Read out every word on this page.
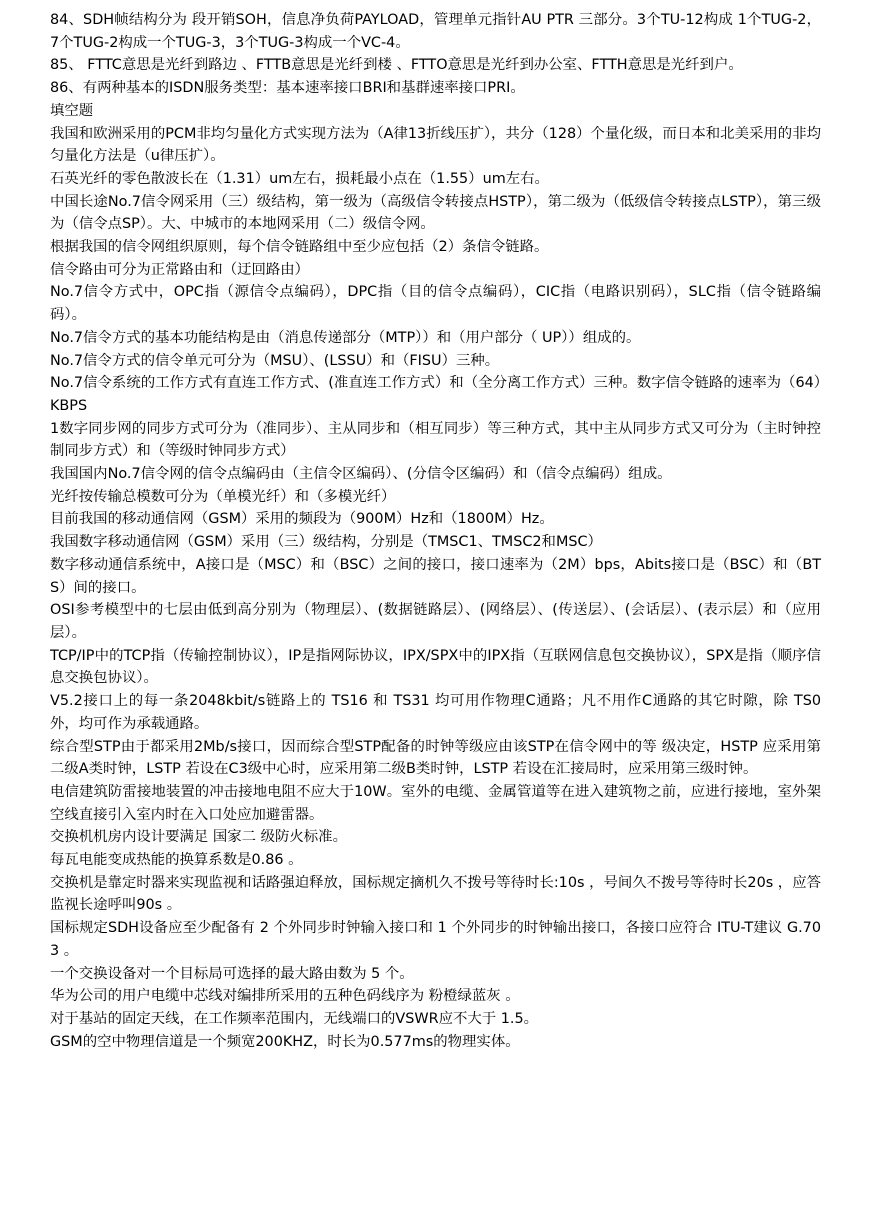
84、SDH帧结构分为 段开销SOH，信息净负荷PAYLOAD，管理单元指针AU PTR 三部分。3个TU-12构成 1个TUG-2， 7个TUG-2构成一个TUG-3，3个TUG-3构成一个VC-4。

85、 FTTC意思是光纤到路边 、FTTB意思是光纤到楼 、FTTO意思是光纤到办公室、FTTH意思是光纤到户。

86、有两种基本的ISDN服务类型：基本速率接口BRI和基群速率接口PRI。

填空题

我国和欧洲采用的PCM非均匀量化方式实现方法为（A律13折线压扩），共分（128）个量化级，而日本和北美采用的非均匀量化方法是（u律压扩）。

石英光纤的零色散波长在（1.31）um左右，损耗最小点在（1.55）um左右。

中国长途No.7信令网采用（三）级结构，第一级为（高级信令转接点HSTP），第二级为（低级信令转接点LSTP），第三级为（信令点SP）。大、中城市的本地网采用（二）级信令网。

根据我国的信令网组织原则，每个信令链路组中至少应包括（2）条信令链路。

信令路由可分为正常路由和（迂回路由）

No.7信令方式中，OPC指（源信令点编码），DPC指（目的信令点编码），CIC指（电路识别码），SLC指（信令链路编码）。

No.7信令方式的基本功能结构是由（消息传递部分（MTP））和（用户部分（ UP））组成的。

No.7信令方式的信令单元可分为（MSU）、(LSSU）和（FISU）三种。

No.7信令系统的工作方式有直连工作方式、(准直连工作方式）和（全分离工作方式）三种。数字信令链路的速率为（64）KBPS

1数字同步网的同步方式可分为（准同步）、主从同步和（相互同步）等三种方式，其中主从同步方式又可分为（主时钟控制同步方式）和（等级时钟同步方式）

我国国内No.7信令网的信令点编码由（主信令区编码）、(分信令区编码）和（信令点编码）组成。

光纤按传输总模数可分为（单模光纤）和（多模光纤）

目前我国的移动通信网（GSM）采用的频段为（900M）Hz和（1800M）Hz。

我国数字移动通信网（GSM）采用（三）级结构，分别是（TMSC1、TMSC2和MSC）

数字移动通信系统中，A接口是（MSC）和（BSC）之间的接口，接口速率为（2M）bps，Abits接口是（BSC）和（BTS）间的接口。

OSI参考模型中的七层由低到高分别为（物理层）、(数据链路层）、(网络层）、(传送层）、(会话层）、(表示层）和（应用层）。

TCP/IP中的TCP指（传输控制协议），IP是指网际协议，IPX/SPX中的IPX指（互联网信息包交换协议），SPX是指（顺序信息交换包协议）。

V5.2接口上的每一条2048kbit/s链路上的 TS16 和 TS31 均可用作物理C通路；凡不用作C通路的其它时隙，除 TS0 外，均可作为承载通路。

综合型STP由于都采用2Mb/s接口，因而综合型STP配备的时钟等级应由该STP在信令网中的等 级决定，HSTP 应采用第二级A类时钟，LSTP 若设在C3级中心时，应采用第二级B类时钟，LSTP 若设在汇接局时，应采用第三级时钟。

电信建筑防雷接地装置的冲击接地电阻不应大于10W。室外的电缆、金属管道等在进入建筑物之前，应进行接地，室外架空线直接引入室内时在入口处应加避雷器。

交换机机房内设计要满足 国家二 级防火标准。

每瓦电能变成热能的换算系数是0.86 。

交换机是靠定时器来实现监视和话路强迫释放，国标规定摘机久不拨号等待时长:10s ，号间久不拨号等待时长20s ，应答监视长途呼叫90s 。

国标规定SDH设备应至少配备有 2 个外同步时钟输入接口和 1 个外同步的时钟输出接口，各接口应符合 ITU-T建议 G.703 。

一个交换设备对一个目标局可选择的最大路由数为 5 个。

华为公司的用户电缆中芯线对编排所采用的五种色码线序为 粉橙绿蓝灰 。

对于基站的固定天线，在工作频率范围内，无线端口的VSWR应不大于 1.5。

GSM的空中物理信道是一个频宽200KHZ，时长为0.577ms的物理实体。
